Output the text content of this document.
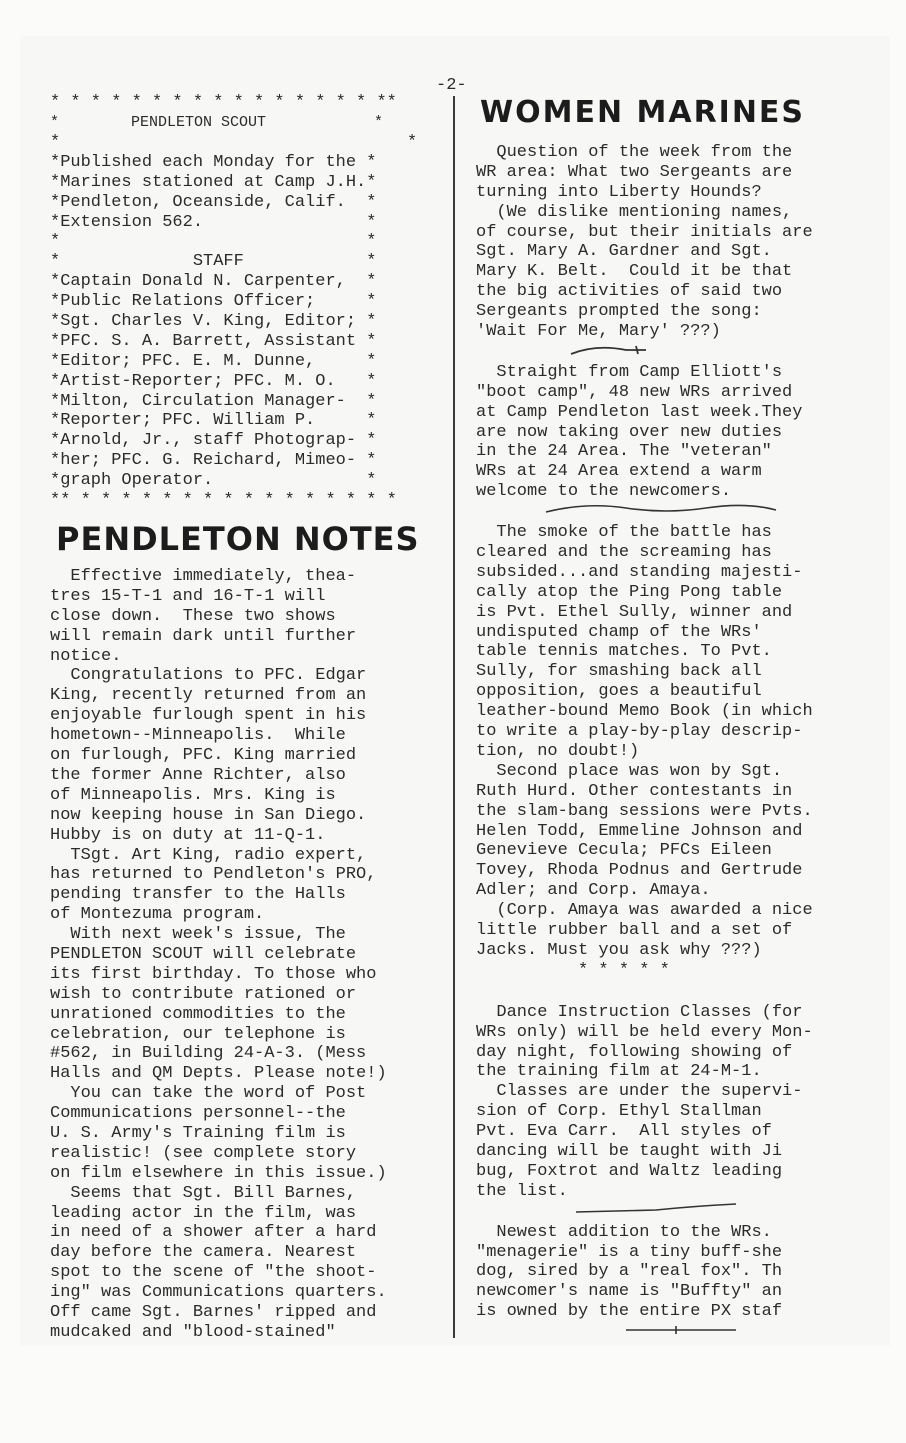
-2-
* * * * * * * * * * * * * * * * **
*        PENDLETON SCOUT            *
*                                  *
*Published each Monday for the *
*Marines stationed at Camp J.H.*
*Pendleton, Oceanside, Calif.  *
*Extension 562.                *
*                              *
*             STAFF            *
*Captain Donald N. Carpenter,  *
*Public Relations Officer;     *
*Sgt. Charles V. King, Editor; *
*PFC. S. A. Barrett, Assistant *
*Editor; PFC. E. M. Dunne,     *
*Artist-Reporter; PFC. M. O.   *
*Milton, Circulation Manager-  *
*Reporter; PFC. William P.     *
*Arnold, Jr., staff Photograp- *
*her; PFC. G. Reichard, Mimeo- *
*graph Operator.               *
** * * * * * * * * * * * * * * * *
PENDLETON NOTES
Effective immediately, thea-
tres 15-T-1 and 16-T-1 will
close down.  These two shows
will remain dark until further
notice.
Congratulations to PFC. Edgar
King, recently returned from an
enjoyable furlough spent in his
hometown--Minneapolis.  While
on furlough, PFC. King married
the former Anne Richter, also
of Minneapolis. Mrs. King is
now keeping house in San Diego.
Hubby is on duty at 11-Q-1.
TSgt. Art King, radio expert,
has returned to Pendleton's PRO,
pending transfer to the Halls
of Montezuma program.
With next week's issue, The
PENDLETON SCOUT will celebrate
its first birthday. To those who
wish to contribute rationed or
unrationed commodities to the
celebration, our telephone is
#562, in Building 24-A-3. (Mess
Halls and QM Depts. Please note!)
You can take the word of Post
Communications personnel--the
U. S. Army's Training film is
realistic! (see complete story
on film elsewhere in this issue.)
Seems that Sgt. Bill Barnes,
leading actor in the film, was
in need of a shower after a hard
day before the camera. Nearest
spot to the scene of "the shoot-
ing" was Communications quarters.
Off came Sgt. Barnes' ripped and
mudcaked and "blood-stained"
WOMEN MARINES
Question of the week from the
WR area: What two Sergeants are
turning into Liberty Hounds?
(We dislike mentioning names,
of course, but their initials are
Sgt. Mary A. Gardner and Sgt.
Mary K. Belt.  Could it be that
the big activities of said two
Sergeants prompted the song:
'Wait For Me, Mary' ???)
Straight from Camp Elliott's
"boot camp", 48 new WRs arrived
at Camp Pendleton last week.They
are now taking over new duties
in the 24 Area. The "veteran"
WRs at 24 Area extend a warm
welcome to the newcomers.
The smoke of the battle has
cleared and the screaming has
subsided...and standing majesti-
cally atop the Ping Pong table
is Pvt. Ethel Sully, winner and
undisputed champ of the WRs'
table tennis matches. To Pvt.
Sully, for smashing back all
opposition, goes a beautiful
leather-bound Memo Book (in which
to write a play-by-play descrip-
tion, no doubt!)
Second place was won by Sgt.
Ruth Hurd. Other contestants in
the slam-bang sessions were Pvts.
Helen Todd, Emmeline Johnson and
Genevieve Cecula; PFCs Eileen
Tovey, Rhoda Podnus and Gertrude
Adler; and Corp. Amaya.
(Corp. Amaya was awarded a nice
little rubber ball and a set of
Jacks. Must you ask why ???)
* * * * *
Dance Instruction Classes (for
WRs only) will be held every Mon-
day night, following showing of
the training film at 24-M-1.
Classes are under the supervi-
sion of Corp. Ethyl Stallman
Pvt. Eva Carr.  All styles of
dancing will be taught with Ji
bug, Foxtrot and Waltz leading
the list.
Newest addition to the WRs.
"menagerie" is a tiny buff-she
dog, sired by a "real fox". Th
newcomer's name is "Buffty" an
is owned by the entire PX staf
